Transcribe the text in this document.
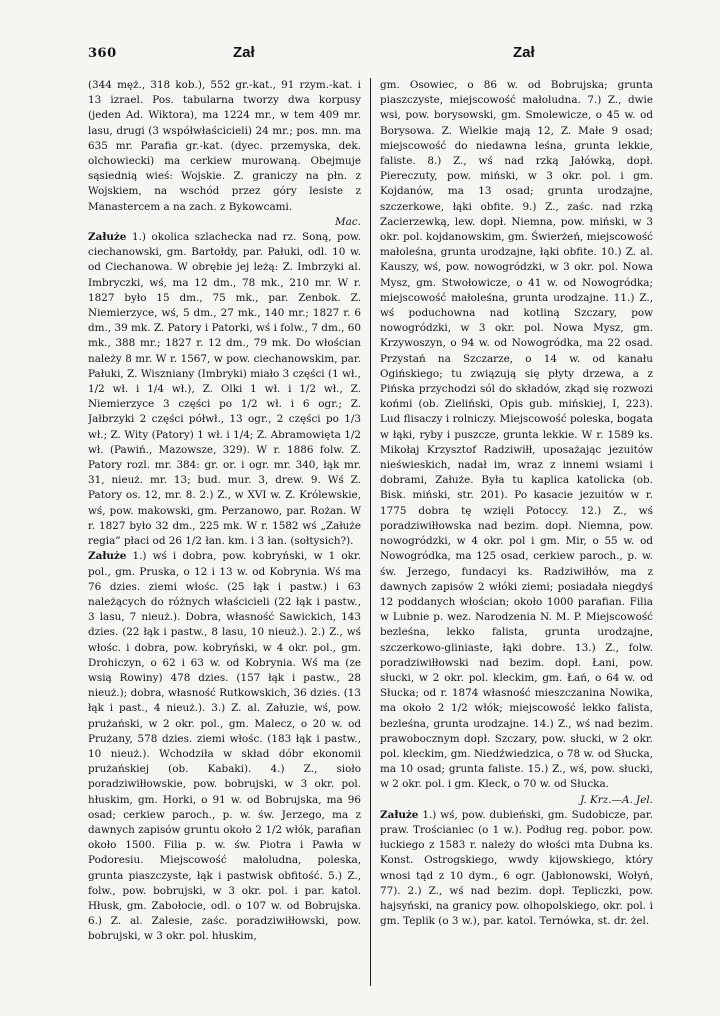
360	Zał	Zał

(344 męż., 318 kob.), 552 gr.-kat., 91 rzym.-kat. i 13 izrael. Pos. tabularna tworzy dwa korpusy (jeden Ad. Wiktora), ma 1224 mr., w tem 409 mr. lasu, drugi (3 współwłaścicieli) 24 mr.; pos. mn. ma 635 mr. Parafia gr.-kat. (dyec. przemyska, dek. olchowiecki) ma cerkiew murowaną. Obejmuje sąsiednią wieś: Wojskie. Z. graniczy na płn. z Wojskiem, na wschód przez góry lesiste z Manastercem a na zach. z Bykowcami.

Mac.

Załuże 1.) okolica szlachecka nad rz. Soną, pow. ciechanowski, gm. Bartołdy, par. Pałuki, odl. 10 w. od Ciechanowa. W obrębie jej leżą: Z. Imbrzyki al. Imbryczki, wś, ma 12 dm., 78 mk., 210 mr. W r. 1827 było 15 dm., 75 mk., par. Zenbok. Z. Niemierzyce, wś, 5 dm., 27 mk., 140 mr.; 1827 r. 6 dm., 39 mk. Z. Patory i Patorki, wś i folw., 7 dm., 60 mk., 388 mr.; 1827 r. 12 dm., 79 mk. Do włościan należy 8 mr. W r. 1567, w pow. ciechanowskim, par. Pałuki, Z. Wiszniany (Imbryki) miało 3 części (1 wł., 1/2 wł. i 1/4 wł.), Z. Olki 1 wł. i 1/2 wł., Z. Niemierzyce 3 części po 1/2 wł. i 6 ogr.; Z. Jałbrzyki 2 części półwł., 13 ogr., 2 części po 1/3 wł.; Z. Wity (Patory) 1 wł. i 1/4; Z. Abramowięta 1/2 wł. (Pawiń., Mazowsze, 329). W r. 1886 folw. Z. Patory rozl. mr. 384: gr. or. i ogr. mr. 340, łąk mr. 31, nieuż. mr. 13; bud. mur. 3, drew. 9. Wś Z. Patory os. 12, mr. 8. 2.) Z., w XVI w. Z. Królewskie, wś, pow. makowski, gm. Perzanowo, par. Rożan. W r. 1827 było 32 dm., 225 mk. W r. 1582 wś „Załuże regia” płaci od 26 1/2 łan. km. i 3 łan. (sołtysich?).

Załuże 1.) wś i dobra, pow. kobryński, w 1 okr. pol., gm. Pruska, o 12 i 13 w. od Kobrynia. Wś ma 76 dzies. ziemi włośc. (25 łąk i pastw.) i 63 należących do różnych właścicieli (22 łąk i pastw., 3 lasu, 7 nieuż.). Dobra, własność Sawickich, 143 dzies. (22 łąk i pastw., 8 lasu, 10 nieuż.). 2.) Z., wś włośc. i dobra, pow. kobryński, w 4 okr. pol., gm. Drohiczyn, o 62 i 63 w. od Kobrynia. Wś ma (ze wsią Rowiny) 478 dzies. (157 łąk i pastw., 28 nieuż.); dobra, własność Rutkowskich, 36 dzies. (13 łąk i past., 4 nieuż.). 3.) Z. al. Załuzie, wś, pow. prużański, w 2 okr. pol., gm. Malecz, o 20 w. od Prużany, 578 dzies. ziemi włośc. (183 łąk i pastw., 10 nieuż.). Wchodziła w skład dóbr ekonomii prużańskiej (ob. Kabaki). 4.) Z., sioło poradziwiłłowskie, pow. bobrujski, w 3 okr. pol. hłuskim, gm. Horki, o 91 w. od Bobrujska, ma 96 osad; cerkiew paroch., p. w. św. Jerzego, ma z dawnych zapisów gruntu około 2 1/2 włók, parafian około 1500. Filia p. w. św. Piotra i Pawła w Podoresiu. Miejscowość małoludna, poleska, grunta piaszczyste, łąk i pastwisk obfitość. 5.) Z., folw., pow. bobrujski, w 3 okr. pol. i par. katol. Hłusk, gm. Zabołocie, odl. o 107 w. od Bobrujska. 6.) Z. al. Zalesie, zaśc. poradziwiłłowski, pow. bobrujski, w 3 okr. pol. hłuskim,

gm. Osowiec, o 86 w. od Bobrujska; grunta piaszczyste, miejscowość małoludna. 7.) Z., dwie wsi, pow. borysowski, gm. Smolewicze, o 45 w. od Borysowa. Z. Wielkie mają 12, Z. Małe 9 osad; miejscowość do niedawna leśna, grunta lekkie, faliste. 8.) Z., wś nad rzką Jałówką, dopł. Piereczuty, pow. miński, w 3 okr. pol. i gm. Kojdanów, ma 13 osad; grunta urodzajne, szczerkowe, łąki obfite. 9.) Z., zaśc. nad rzką Zacierzewką, lew. dopł. Niemna, pow. miński, w 3 okr. pol. kojdanowskim, gm. Świerżeń, miejscowość małoleśna, grunta urodzajne, łąki obfite. 10.) Z. al. Kauszy, wś, pow. nowogródzki, w 3 okr. pol. Nowa Mysz, gm. Stwołowicze, o 41 w. od Nowogródka; miejscowość małoleśna, grunta urodzajne. 11.) Z., wś poduchowna nad kotliną Szczary, pow nowogródzki, w 3 okr. pol. Nowa Mysz, gm. Krzywoszyn, o 94 w. od Nowogródka, ma 22 osad. Przystań na Szczarze, o 14 w. od kanału Ogińskiego; tu związują się płyty drzewa, a z Pińska przychodzi sól do składów, zkąd się rozwozi końmi (ob. Zieliński, Opis gub. mińskiej, I, 223). Lud flisaczy i rolniczy. Miejscowość poleska, bogata w łąki, ryby i puszcze, grunta lekkie. W r. 1589 ks. Mikołaj Krzysztof Radziwiłł, uposażając jezuitów nieświeskich, nadał im, wraz z innemi wsiami i dobrami, Załuże. Była tu kaplica katolicka (ob. Bisk. miński, str. 201). Po kasacie jezuitów w r. 1775 dobra tę wzięli Potoccy. 12.) Z., wś poradziwiłłowska nad bezim. dopł. Niemna, pow. nowogródzki, w 4 okr. pol i gm. Mir, o 55 w. od Nowogródka, ma 125 osad, cerkiew paroch., p. w. św. Jerzego, fundacyi ks. Radziwiłłów, ma z dawnych zapisów 2 włóki ziemi; posiadała niegdyś 12 poddanych włościan; około 1000 parafian. Filia w Lubnie p. wez. Narodzenia N. M. P. Miejscowość bezleśna, lekko falista, grunta urodzajne, szczerkowo-gliniaste, łąki dobre. 13.) Z., folw. poradziwiłłowski nad bezim. dopł. Łani, pow. słucki, w 2 okr. pol. kleckim, gm. Łań, o 64 w. od Słucka; od r. 1874 własność mieszczanina Nowika, ma około 2 1/2 włók; miejscowość lekko falista, bezleśna, grunta urodzajne. 14.) Z., wś nad bezim. prawobocznym dopł. Szczary, pow. słucki, w 2 okr. pol. kleckim, gm. Niedźwiedzica, o 78 w. od Słucka, ma 10 osad; grunta faliste. 15.) Z., wś, pow. słucki, w 2 okr. pol. i gm. Kleck, o 70 w. od Słucka.

J. Krz.—A. Jel.

Załuże 1.) wś, pow. dubieński, gm. Sudobicze, par. praw. Trościaniec (o 1 w.). Podług reg. pobor. pow. łuckiego z 1583 r. należy do włości mta Dubna ks. Konst. Ostrogskiego, wwdy kijowskiego, który wnosi tąd z 10 dym., 6 ogr. (Jabłonowski, Wołyń, 77). 2.) Z., wś nad bezim. dopł. Tepliczki, pow. hajsyński, na granicy pow. olhopolskiego, okr. pol. i gm. Teplik (o 3 w.), par. katol. Ternówka, st. dr. żel.
